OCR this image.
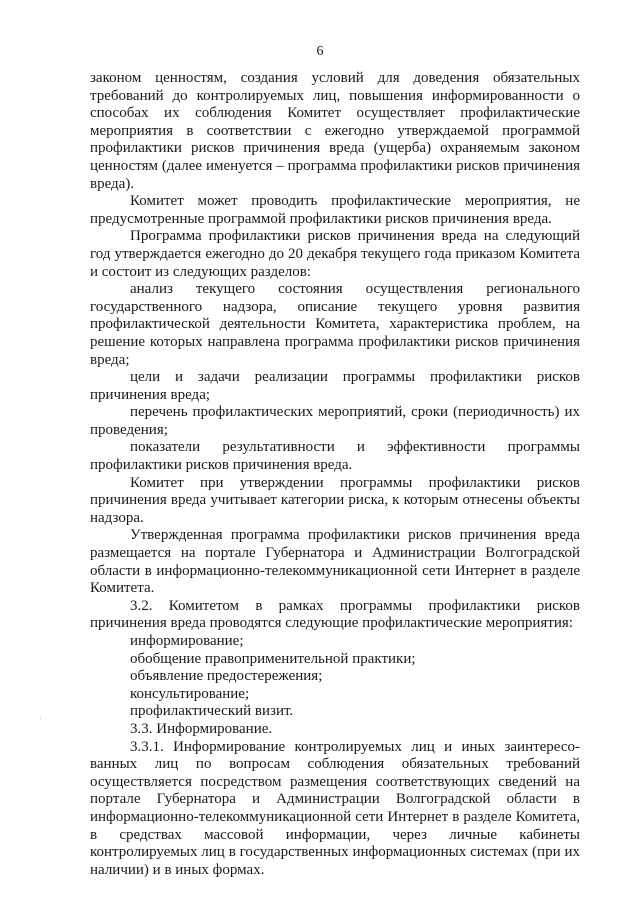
6

законом ценностям, создания условий для доведения обязательных требований до контролируемых лиц, повышения информированности о способах их соблюдения Комитет осуществляет профилактические мероприятия в соответствии с ежегодно утверждаемой программой профилактики рисков причинения вреда (ущерба) охраняемым законом ценностям (далее именуется – программа профилактики рисков причинения вреда).

Комитет может проводить профилактические мероприятия, не предусмотренные программой профилактики рисков причинения вреда.

Программа профилактики рисков причинения вреда на следующий год утверждается ежегодно до 20 декабря текущего года приказом Комитета и состоит из следующих разделов:

анализ текущего состояния осуществления регионального государственного надзора, описание текущего уровня развития профилактической деятельности Комитета, характеристика проблем, на решение которых направлена программа профилактики рисков причинения вреда;

цели и задачи реализации программы профилактики рисков причинения вреда;

перечень профилактических мероприятий, сроки (периодичность) их проведения;

показатели результативности и эффективности программы профилактики рисков причинения вреда.

Комитет при утверждении программы профилактики рисков причинения вреда учитывает категории риска, к которым отнесены объекты надзора.

Утвержденная программа профилактики рисков причинения вреда размещается на портале Губернатора и Администрации Волгоградской области в информационно-телекоммуникационной сети Интернет в разделе Комитета.

3.2. Комитетом в рамках программы профилактики рисков причинения вреда проводятся следующие профилактические мероприятия:

информирование;

обобщение правоприменительной практики;

объявление предостережения;

консультирование;

профилактический визит.

3.3. Информирование.

3.3.1. Информирование контролируемых лиц и иных заинтересо-ванных лиц по вопросам соблюдения обязательных требований осуществляется посредством размещения соответствующих сведений на портале Губернатора и Администрации Волгоградской области в информационно-телекоммуникационной сети Интернет в разделе Комитета, в средствах массовой информации, через личные кабинеты контролируемых лиц в государственных информационных системах (при их наличии) и в иных формах.
